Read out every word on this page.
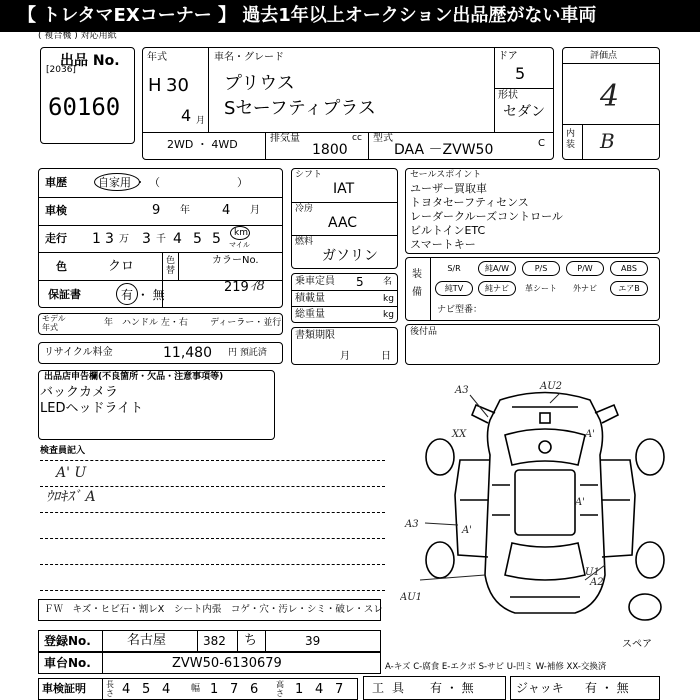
【 トレタマEXコーナー 】 過去1年以上オークション出品歴がない車両
( 複合機 ) 対応用紙
出品 No.
[2036]
60160
年式
H 30
4 月
車名・グレード
プリウス
Sセーフティプラス
ドア
5
形状
セダン
2WD ・ 4WD	排気量	cc
1800
型式
DAA －ZVW50	C
評価点
4
内装 B
車歴	自家用 ・ （　　　　　　　）
車検	9 年 4 月
走行 1 3 万 3 千 4 5 5 km
マイル
色	クロ	色替
カラーNo.
保証書	有 ・ 無	219 ｲ8
モデル年式	年 ハンドル 左・右 ディーラー・並行
リサイクル料金	11,480 円 預託済
シフト
IAT
冷房
AAC
燃料
ガソリン
乗車定員 5 名
積載量	kg
総重量	kg
書類期限
月	日
セールスポイント
ユーザー買取車
トヨタセーフティセンス
レーダークルーズコントロール
ビルトインETC
スマートキー
装備
S/R	純A/W	P/S	P/W	ABS
純TV	純ナビ	革シート	外ナビ	エアB
ナビ型番：
後付品
出品店申告欄(不良箇所・欠品・注意事項等)
バックカメラ
LEDヘッドライト
検査員記入
A' U
ｳﾛｷｽﾞ A
A3	AU2
XX	A'
A3
A'
A'
AU1
A2
U1
スペア
ＦＷ　キズ・ヒビ石・割レX　シート内張　コゲ・穴・汚レ・シミ・破レ・スレ
登録No.	名古屋	382 ち	39
車台No.	ZVW50-6130679	A-キズ C-腐食 E-エクボ S-サビ U-凹ミ W-補修 XX-交換済
車検証明	長さ 4 5 4 幅 1 7 6 高さ 1 4 7 工具 有 ・ 無	ジャッキ 有 ・ 無
